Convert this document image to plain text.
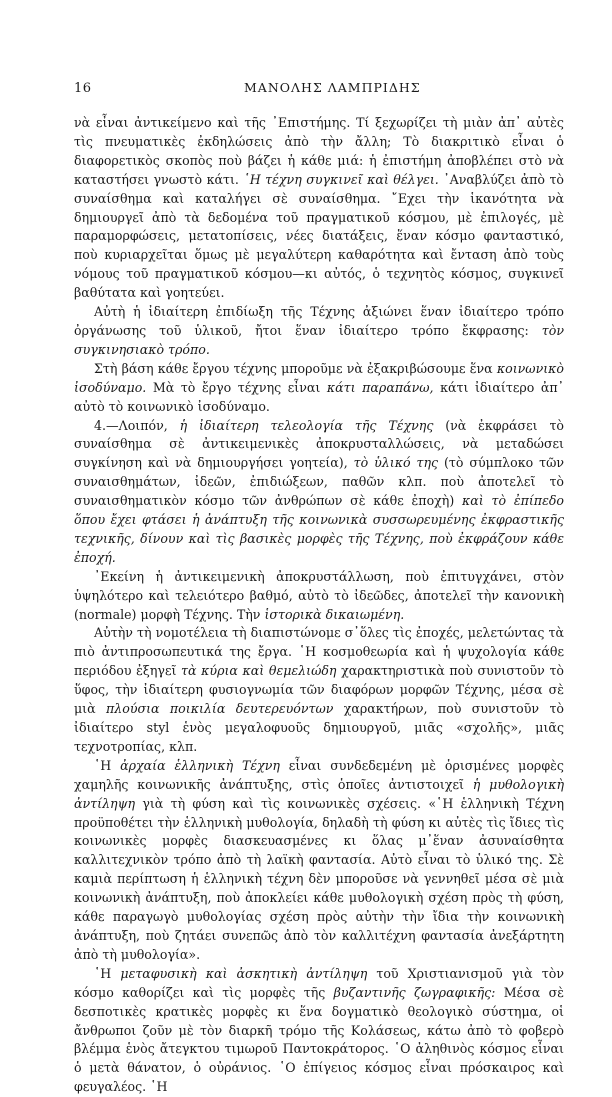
16	ΜΑΝΟΛΗΣ ΛΑΜΠΡΙΔΗΣ

νὰ εἶναι ἀντικείμενο καὶ τῆς ᾿Επιστήμης. Τί ξεχωρίζει τὴ μιὰν ἀπ᾿ αὐτὲς τὶς πνευματικὲς ἐκδηλώσεις ἀπὸ τὴν ἄλλη; Τὸ διακριτικὸ εἶναι ὁ διαφορετικὸς σκοπὸς ποὺ βάζει ἡ κάθε μιά: ἡ ἐπιστήμη ἀποβλέπει στὸ νὰ καταστήσει γνωστὸ κάτι. ῾Η τέχνη συγκινεῖ καὶ θέλγει. ᾿Αναβλύζει ἀπὸ τὸ συναίσθημα καὶ καταλήγει σὲ συναίσθημα. ῎Εχει τὴν ἱκανότητα νὰ δημιουργεῖ ἀπὸ τὰ δεδομένα τοῦ πραγματικοῦ κόσμου, μὲ ἐπιλογές, μὲ παραμορφώσεις, μετατοπίσεις, νέες διατάξεις, ἕναν κόσμο φανταστικό, ποὺ κυριαρχεῖται ὅμως μὲ μεγαλύτερη καθαρότητα καὶ ἔνταση ἀπὸ τοὺς νόμους τοῦ πραγματικοῦ κόσμου—κι αὐτός, ὁ τεχνητὸς κόσμος, συγκινεῖ βαθύτατα καὶ γοητεύει.

Αὐτὴ ἡ ἰδιαίτερη ἐπιδίωξη τῆς Τέχνης ἀξιώνει ἕναν ἰδιαίτερο τρόπο ὀργάνωσης τοῦ ὑλικοῦ, ἤτοι ἕναν ἰδιαίτερο τρόπο ἔκφρασης: τὸν συγκινησιακὸ τρόπο.

Στὴ βάση κάθε ἔργου τέχνης μποροῦμε νὰ ἐξακριβώσουμε ἕνα κοινωνικὸ ἰσοδύναμο. Μὰ τὸ ἔργο τέχνης εἶναι κάτι παραπάνω, κάτι ἰδιαίτερο ἀπ᾿ αὐτὸ τὸ κοινωνικὸ ἰσοδύναμο.

4.—Λοιπόν, ἡ ἰδιαίτερη τελεολογία τῆς Τέχνης (νὰ ἐκφράσει τὸ συναίσθημα σὲ ἀντικειμενικὲς ἀποκρυσταλλώσεις, νὰ μεταδώσει συγκίνηση καὶ νὰ δημιουργήσει γοητεία), τὸ ὑλικό της (τὸ σύμπλοκο τῶν συναισθημάτων, ἰδεῶν, ἐπιδιώξεων, παθῶν κλπ. ποὺ ἀποτελεῖ τὸ συναισθηματικὸν κόσμο τῶν ἀνθρώπων σὲ κάθε ἐποχὴ) καὶ τὸ ἐπίπεδο ὅπου ἔχει φτάσει ἡ ἀνάπτυξη τῆς κοινωνικὰ συσσωρευμένης ἐκφραστικῆς τεχνικῆς, δίνουν καὶ τὶς βασικὲς μορφὲς τῆς Τέχνης, ποὺ ἐκφράζουν κάθε ἐποχή.

᾿Εκείνη ἡ ἀντικειμενικὴ ἀποκρυστάλλωση, ποὺ ἐπιτυγχάνει, στὸν ὑψηλότερο καὶ τελειότερο βαθμό, αὐτὸ τὸ ἰδεῶδες, ἀποτελεῖ τὴν κανονικὴ (normale) μορφὴ Τέχνης. Τὴν ἱστορικὰ δικαιωμένη.

Αὐτὴν τὴ νομοτέλεια τὴ διαπιστώνομε σ᾿ὅλες τὶς ἐποχές, μελετώντας τὰ πιὸ ἀντιπροσωπευτικά της ἔργα. ῾Η κοσμοθεωρία καὶ ἡ ψυχολογία κάθε περιόδου ἐξηγεῖ τὰ κύρια καὶ θεμελιώδη χαρακτηριστικὰ ποὺ συνιστοῦν τὸ ὕφος, τὴν ἰδιαίτερη φυσιογνωμία τῶν διαφόρων μορφῶν Τέχνης, μέσα σὲ μιὰ πλούσια ποικιλία δευτερευόντων χαρακτήρων, ποὺ συνιστοῦν τὸ ἰδιαίτερο styl ἑνὸς μεγαλοφυοῦς δημιουργοῦ, μιᾶς «σχολῆς», μιᾶς τεχνοτροπίας, κλπ.

῾Η ἀρχαία ἑλληνικὴ Τέχνη εἶναι συνδεδεμένη μὲ ὁρισμένες μορφὲς χαμηλῆς κοινωνικῆς ἀνάπτυξης, στὶς ὁποῖες ἀντιστοιχεῖ ἡ μυθολογικὴ ἀντίληψη γιὰ τὴ φύση καὶ τὶς κοινωνικὲς σχέσεις. «῾Η ἑλληνικὴ Τέχνη προϋποθέτει τὴν ἑλληνικὴ μυθολογία, δηλαδὴ τὴ φύση κι αὐτὲς τὶς ἴδιες τὶς κοινωνικὲς μορφὲς διασκευασμένες κι ὅλας μ᾿ἕναν ἀσυναίσθητα καλλιτεχνικὸν τρόπο ἀπὸ τὴ λαϊκὴ φαντασία. Αὐτὸ εἶναι τὸ ὑλικό της. Σὲ καμιὰ περίπτωση ἡ ἑλληνικὴ τέχνη δὲν μποροῦσε νὰ γεννηθεῖ μέσα σὲ μιὰ κοινωνικὴ ἀνάπτυξη, ποὺ ἀποκλείει κάθε μυθολογικὴ σχέση πρὸς τὴ φύση, κάθε παραγωγὸ μυθολογίας σχέση πρὸς αὐτὴν τὴν ἴδια τὴν κοινωνικὴ ἀνάπτυξη, ποὺ ζητάει συνεπῶς ἀπὸ τὸν καλλιτέχνη φαντασία ἀνεξάρτητη ἀπὸ τὴ μυθολογία».

῾Η μεταφυσικὴ καὶ ἀσκητικὴ ἀντίληψη τοῦ Χριστιανισμοῦ γιὰ τὸν κόσμο καθορίζει καὶ τὶς μορφὲς τῆς βυζαντινῆς ζωγραφικῆς: Μέσα σὲ δεσποτικὲς κρατικὲς μορφὲς κι ἕνα δογματικὸ θεολογικὸ σύστημα, οἱ ἄνθρωποι ζοῦν μὲ τὸν διαρκῆ τρόμο τῆς Κολάσεως, κάτω ἀπὸ τὸ φοβερὸ βλέμμα ἑνὸς ἄτεγκτου τιμωροῦ Παντοκράτορος. ῾Ο ἀληθινὸς κόσμος εἶναι ὁ μετὰ θάνατον, ὁ οὐράνιος. ῾Ο ἐπίγειος κόσμος εἶναι πρόσκαιρος καὶ φευγαλέος. ῾Η
